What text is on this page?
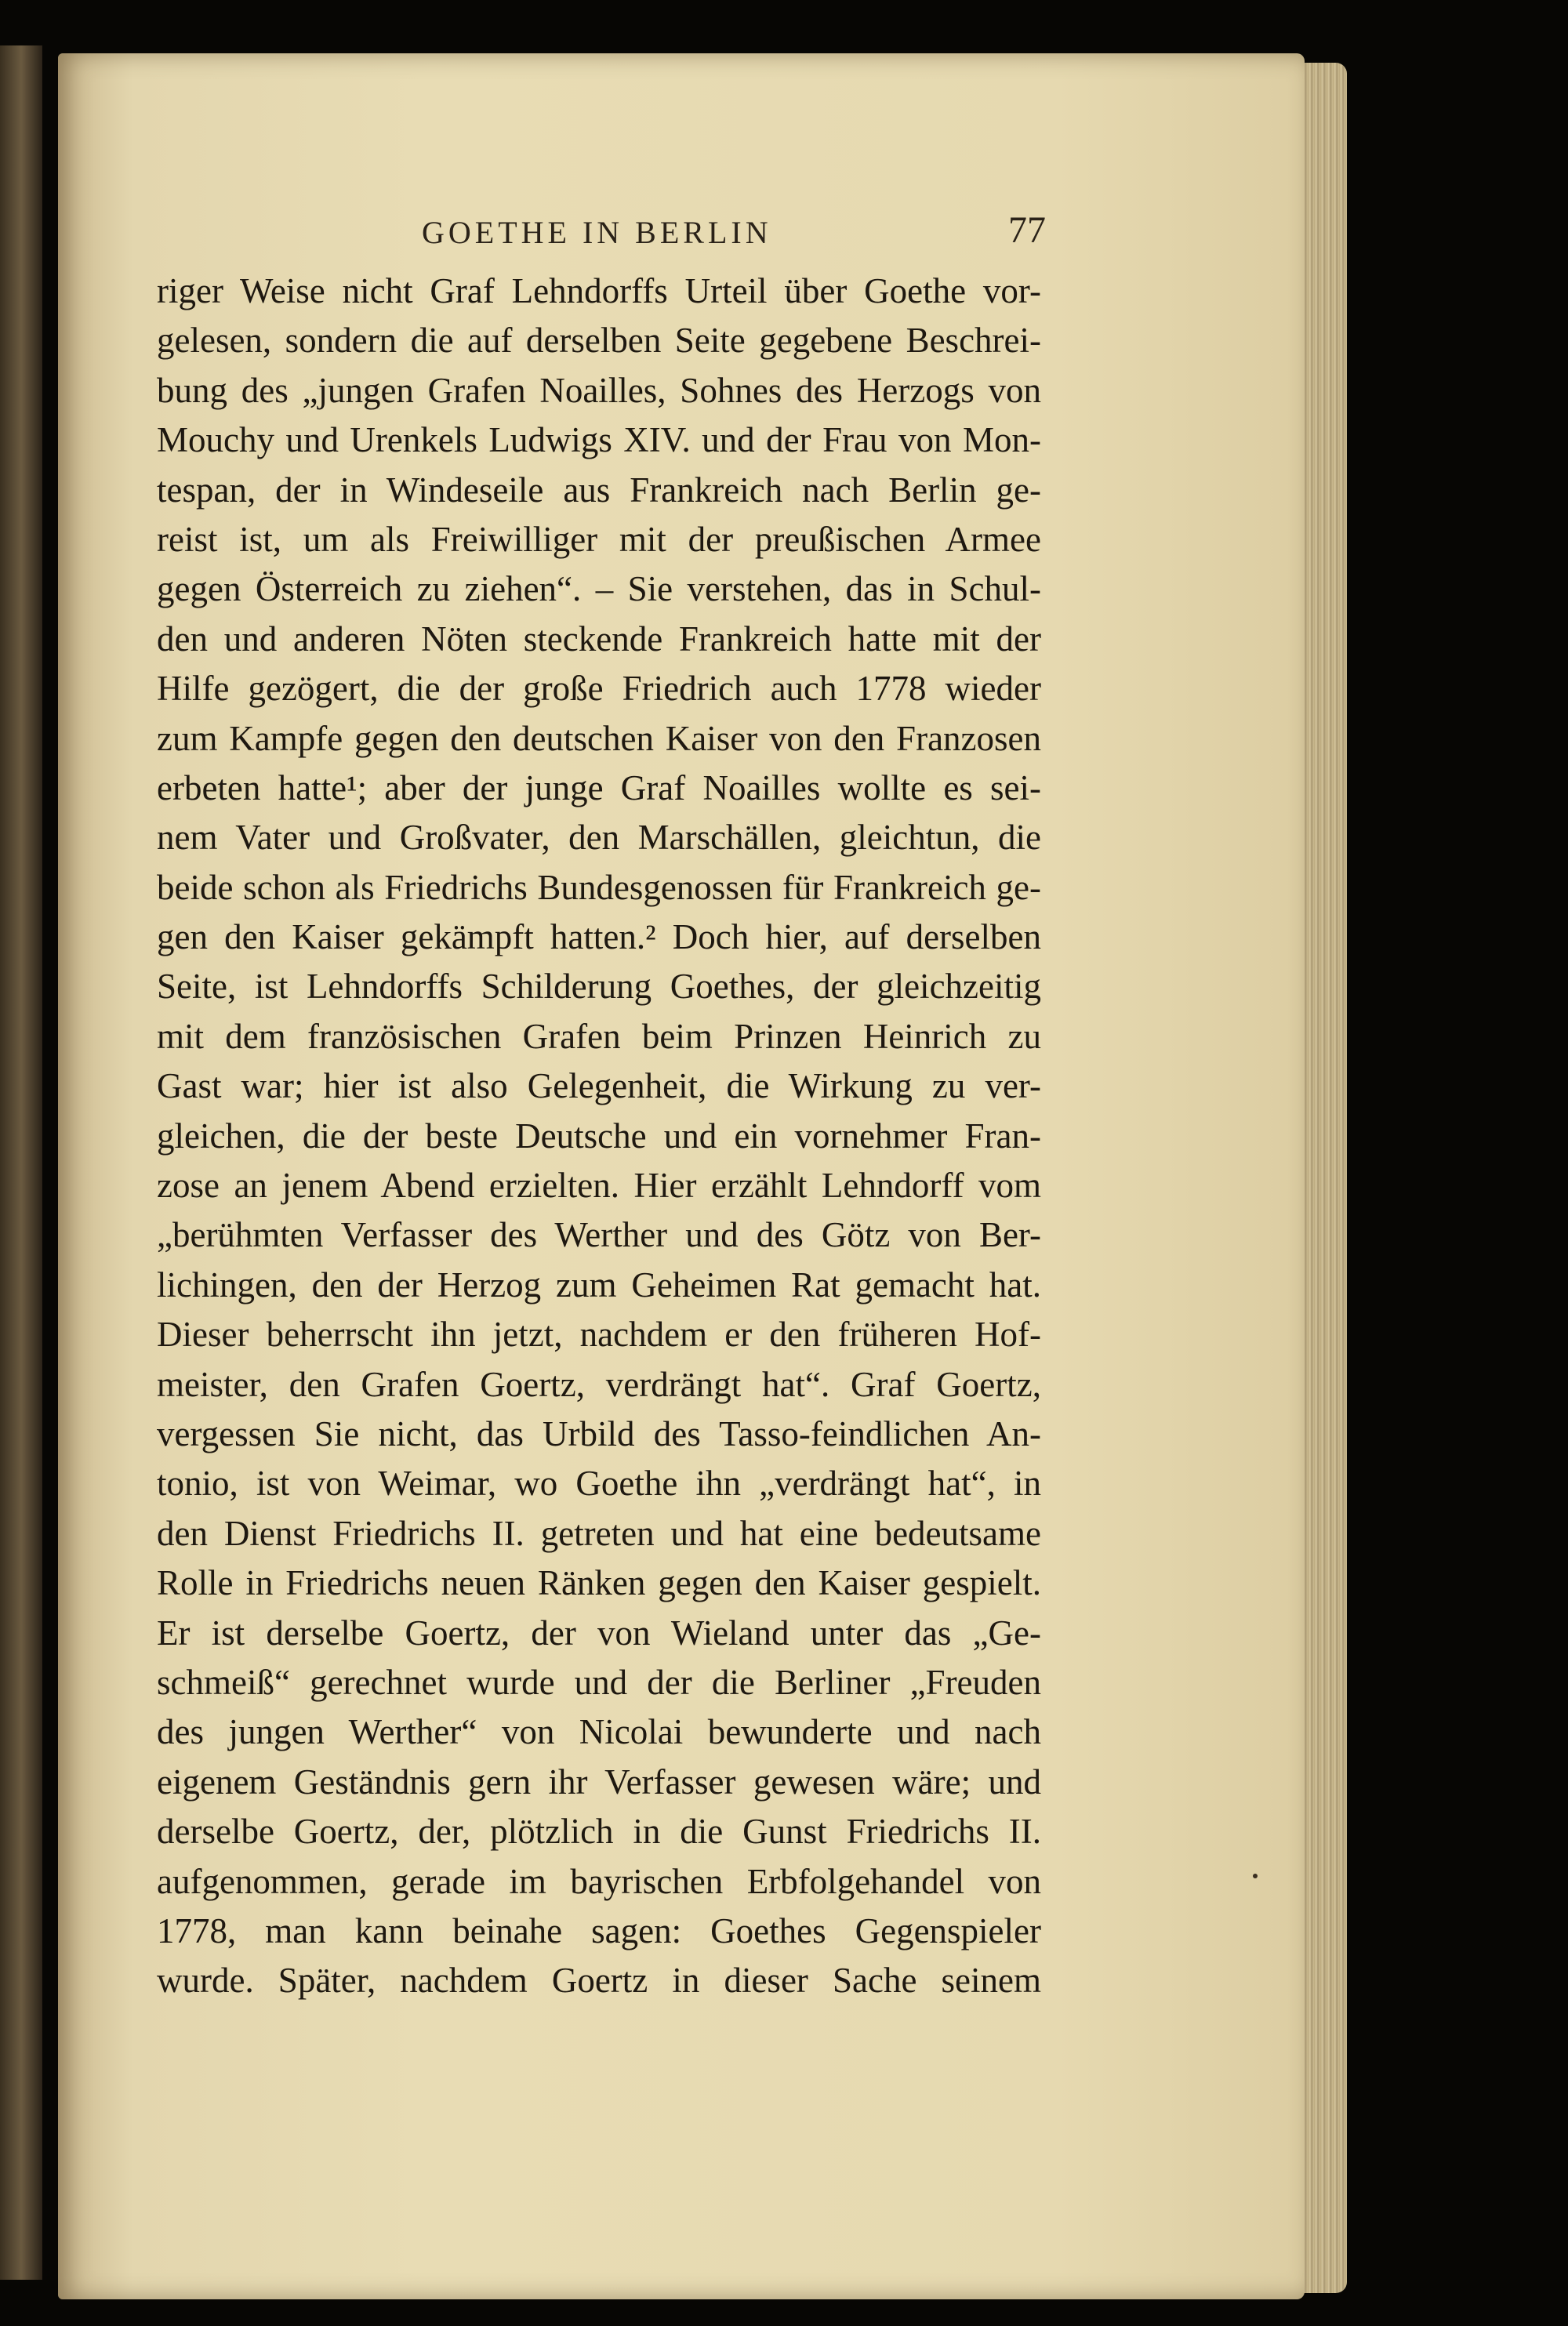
GOETHE IN BERLIN	77
riger Weise nicht Graf Lehndorffs Urteil über Goethe vor-
gelesen, sondern die auf derselben Seite gegebene Beschrei-
bung des „jungen Grafen Noailles, Sohnes des Herzogs von
Mouchy und Urenkels Ludwigs XIV. und der Frau von Mon-
tespan, der in Windeseile aus Frankreich nach Berlin ge-
reist ist, um als Freiwilliger mit der preußischen Armee
gegen Österreich zu ziehen“. – Sie verstehen, das in Schul-
den und anderen Nöten steckende Frankreich hatte mit der
Hilfe gezögert, die der große Friedrich auch 1778 wieder
zum Kampfe gegen den deutschen Kaiser von den Franzosen
erbeten hatte¹; aber der junge Graf Noailles wollte es sei-
nem Vater und Großvater, den Marschällen, gleichtun, die
beide schon als Friedrichs Bundesgenossen für Frankreich ge-
gen den Kaiser gekämpft hatten.² Doch hier, auf derselben
Seite, ist Lehndorffs Schilderung Goethes, der gleichzeitig
mit dem französischen Grafen beim Prinzen Heinrich zu
Gast war; hier ist also Gelegenheit, die Wirkung zu ver-
gleichen, die der beste Deutsche und ein vornehmer Fran-
zose an jenem Abend erzielten. Hier erzählt Lehndorff vom
„berühmten Verfasser des Werther und des Götz von Ber-
lichingen, den der Herzog zum Geheimen Rat gemacht hat.
Dieser beherrscht ihn jetzt, nachdem er den früheren Hof-
meister, den Grafen Goertz, verdrängt hat“. Graf Goertz,
vergessen Sie nicht, das Urbild des Tasso-feindlichen An-
tonio, ist von Weimar, wo Goethe ihn „verdrängt hat“, in
den Dienst Friedrichs II. getreten und hat eine bedeutsame
Rolle in Friedrichs neuen Ränken gegen den Kaiser gespielt.
Er ist derselbe Goertz, der von Wieland unter das „Ge-
schmeiß“ gerechnet wurde und der die Berliner „Freuden
des jungen Werther“ von Nicolai bewunderte und nach
eigenem Geständnis gern ihr Verfasser gewesen wäre; und
derselbe Goertz, der, plötzlich in die Gunst Friedrichs II.
aufgenommen, gerade im bayrischen Erbfolgehandel von
1778, man kann beinahe sagen: Goethes Gegenspieler
wurde. Später, nachdem Goertz in dieser Sache seinem
